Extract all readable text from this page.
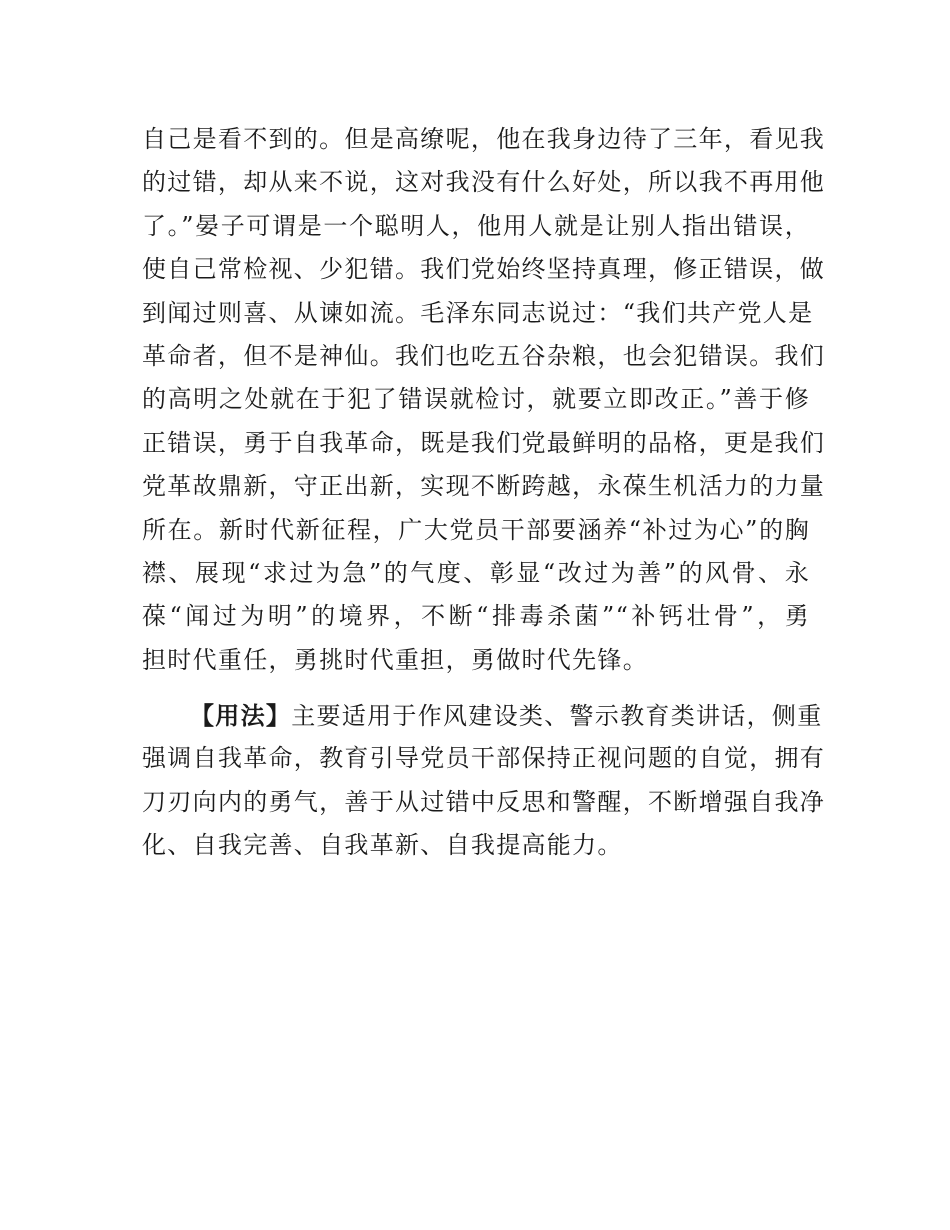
自己是看不到的。但是高缭呢，他在我身边待了三年，看见我
的过错，却从来不说，这对我没有什么好处，所以我不再用他
了。”晏子可谓是一个聪明人，他用人就是让别人指出错误，
使自己常检视、少犯错。我们党始终坚持真理，修正错误，做
到闻过则喜、从谏如流。毛泽东同志说过：“我们共产党人是
革命者，但不是神仙。我们也吃五谷杂粮，也会犯错误。我们
的高明之处就在于犯了错误就检讨，就要立即改正。”善于修
正错误，勇于自我革命，既是我们党最鲜明的品格，更是我们
党革故鼎新，守正出新，实现不断跨越，永葆生机活力的力量
所在。新时代新征程，广大党员干部要涵养“补过为心”的胸
襟、展现“求过为急”的气度、彰显“改过为善”的风骨、永
葆“闻过为明”的境界，不断“排毒杀菌”“补钙壮骨”，勇
担时代重任，勇挑时代重担，勇做时代先锋。
【用法】主要适用于作风建设类、警示教育类讲话，侧重
强调自我革命，教育引导党员干部保持正视问题的自觉，拥有
刀刃向内的勇气，善于从过错中反思和警醒，不断增强自我净
化、自我完善、自我革新、自我提高能力。
